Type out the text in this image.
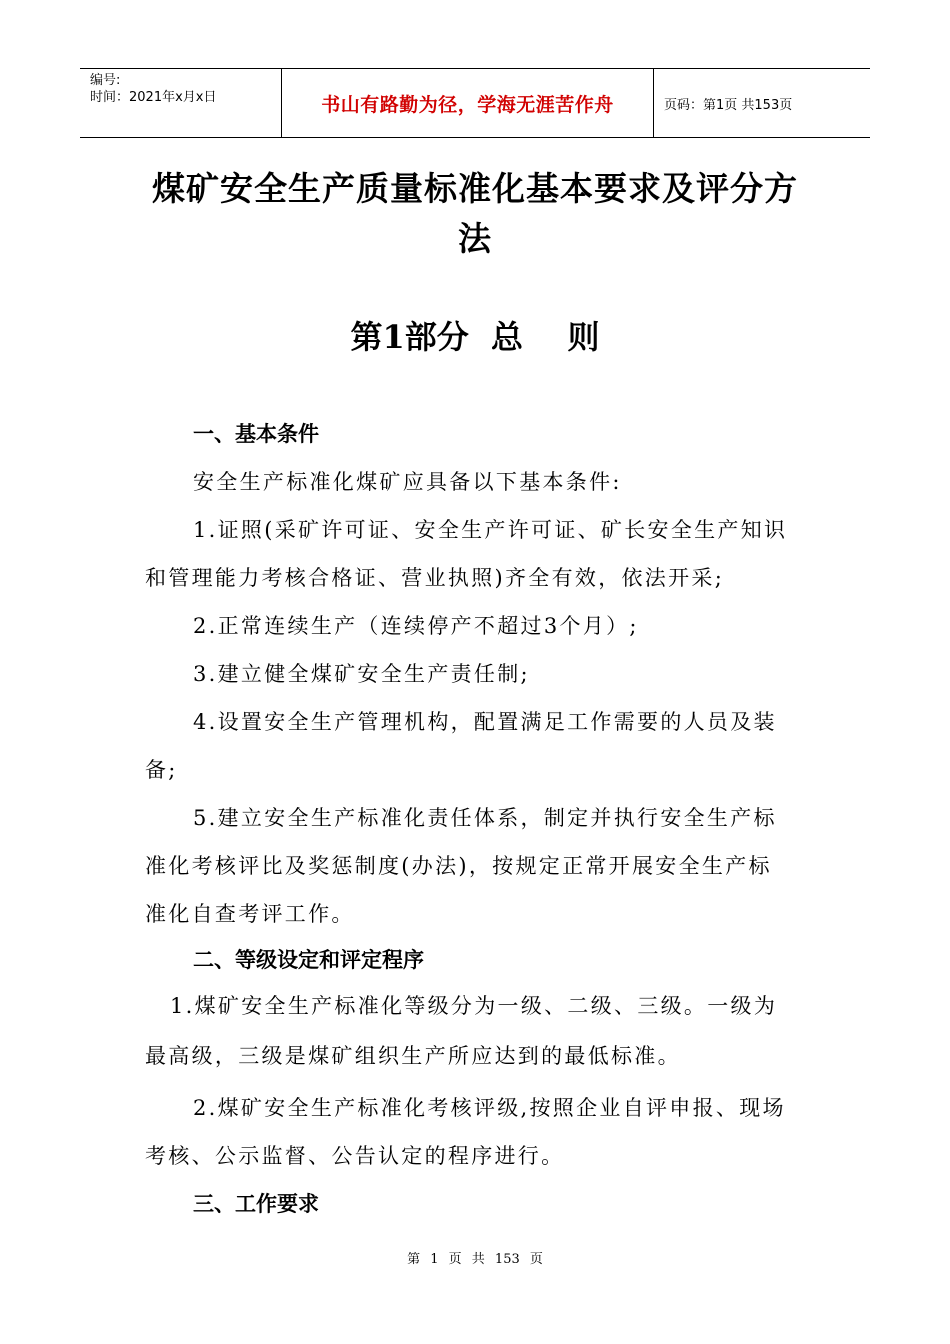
编号:
时间：2021年x月x日	书山有路勤为径，学海无涯苦作舟	页码：第1页 共153页
煤矿安全生产质量标准化基本要求及评分方
法
第1部分  总    则
一、基本条件
安全生产标准化煤矿应具备以下基本条件:
1.证照(采矿许可证、安全生产许可证、矿长安全生产知识
和管理能力考核合格证、营业执照)齐全有效，依法开采;
2.正常连续生产（连续停产不超过3个月）;
3.建立健全煤矿安全生产责任制;
4.设置安全生产管理机构，配置满足工作需要的人员及装
备;
5.建立安全生产标准化责任体系，制定并执行安全生产标
准化考核评比及奖惩制度(办法)，按规定正常开展安全生产标
准化自查考评工作。
二、等级设定和评定程序
1.煤矿安全生产标准化等级分为一级、二级、三级。一级为
最高级，三级是煤矿组织生产所应达到的最低标准。
2.煤矿安全生产标准化考核评级,按照企业自评申报、现场
考核、公示监督、公告认定的程序进行。
三、工作要求
第 1 页 共 153 页
